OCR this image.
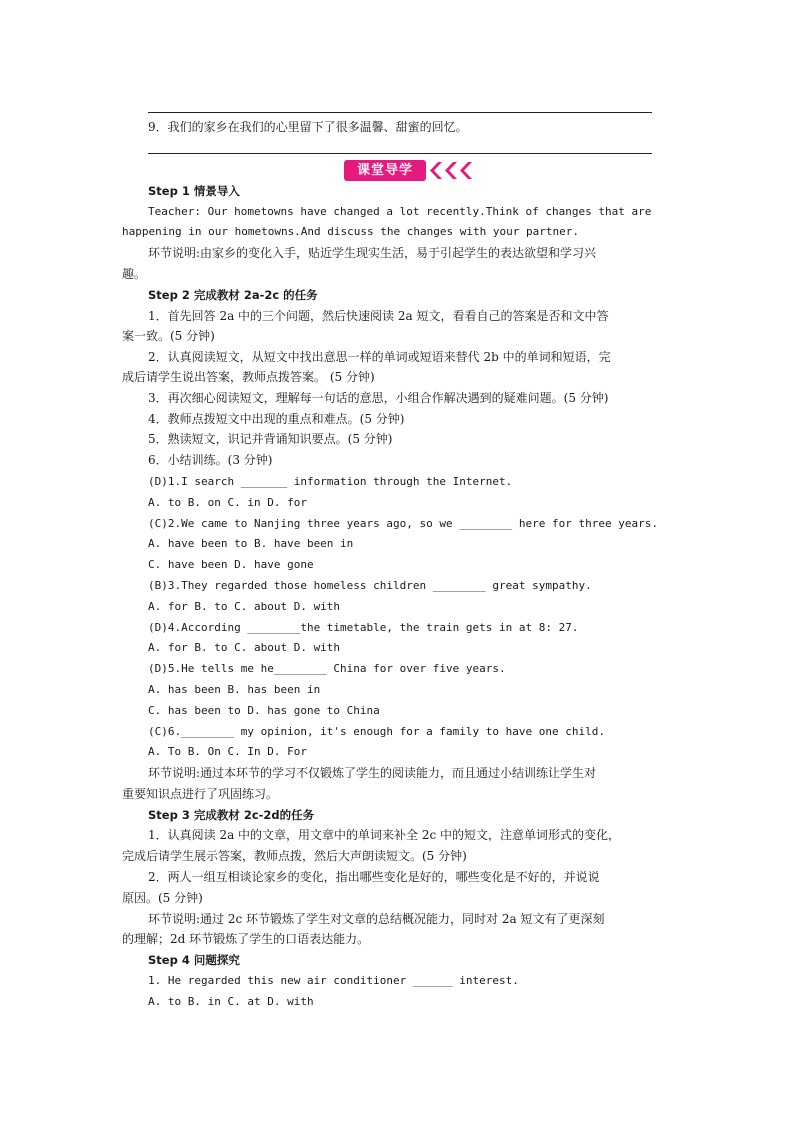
9．我们的家乡在我们的心里留下了很多温馨、甜蜜的回忆。
课堂导学
Step 1 情景导入
Teacher: Our hometowns have changed a lot recently.Think of changes that are
happening in our hometowns.And discuss the changes with your partner.
环节说明:由家乡的变化入手，贴近学生现实生活，易于引起学生的表达欲望和学习兴
趣。
Step 2 完成教材 2a-2c 的任务
1．首先回答 2a 中的三个问题，然后快速阅读 2a 短文，看看自己的答案是否和文中答
案一致。(5 分钟)
2．认真阅读短文，从短文中找出意思一样的单词或短语来替代 2b 中的单词和短语，完
成后请学生说出答案，教师点拨答案。 (5 分钟)
3．再次细心阅读短文，理解每一句话的意思，小组合作解决遇到的疑难问题。(5 分钟)
4．教师点拨短文中出现的重点和难点。(5 分钟)
5．熟读短文，识记并背诵知识要点。(5 分钟)
6．小结训练。(3 分钟)
(D)1.I search _______ information through the Internet.
A. to B. on C. in D. for
(C)2.We came to Nanjing three years ago, so we ________ here for three years.
A. have been to B. have been in
C. have been D. have gone
(B)3.They regarded those homeless children ________ great sympathy.
A. for B. to C. about D. with
(D)4.According ________the timetable, the train gets in at 8: 27.
A. for B. to C. about D. with
(D)5.He tells me he________ China for over five years.
A. has been B. has been in
C. has been to D. has gone to China
(C)6.________ my opinion, it's enough for a family to have one child.
A. To B. On C. In D. For
环节说明:通过本环节的学习不仅锻炼了学生的阅读能力，而且通过小结训练让学生对
重要知识点进行了巩固练习。
Step 3 完成教材 2c-2d的任务
1．认真阅读 2a 中的文章，用文章中的单词来补全 2c 中的短文，注意单词形式的变化，
完成后请学生展示答案，教师点拨，然后大声朗读短文。(5 分钟)
2．两人一组互相谈论家乡的变化，指出哪些变化是好的，哪些变化是不好的，并说说
原因。(5 分钟)
环节说明:通过 2c 环节锻炼了学生对文章的总结概况能力，同时对 2a 短文有了更深刻
的理解；2d 环节锻炼了学生的口语表达能力。
Step 4 问题探究
1. He regarded this new air conditioner ______ interest.
A. to B. in C. at D. with
